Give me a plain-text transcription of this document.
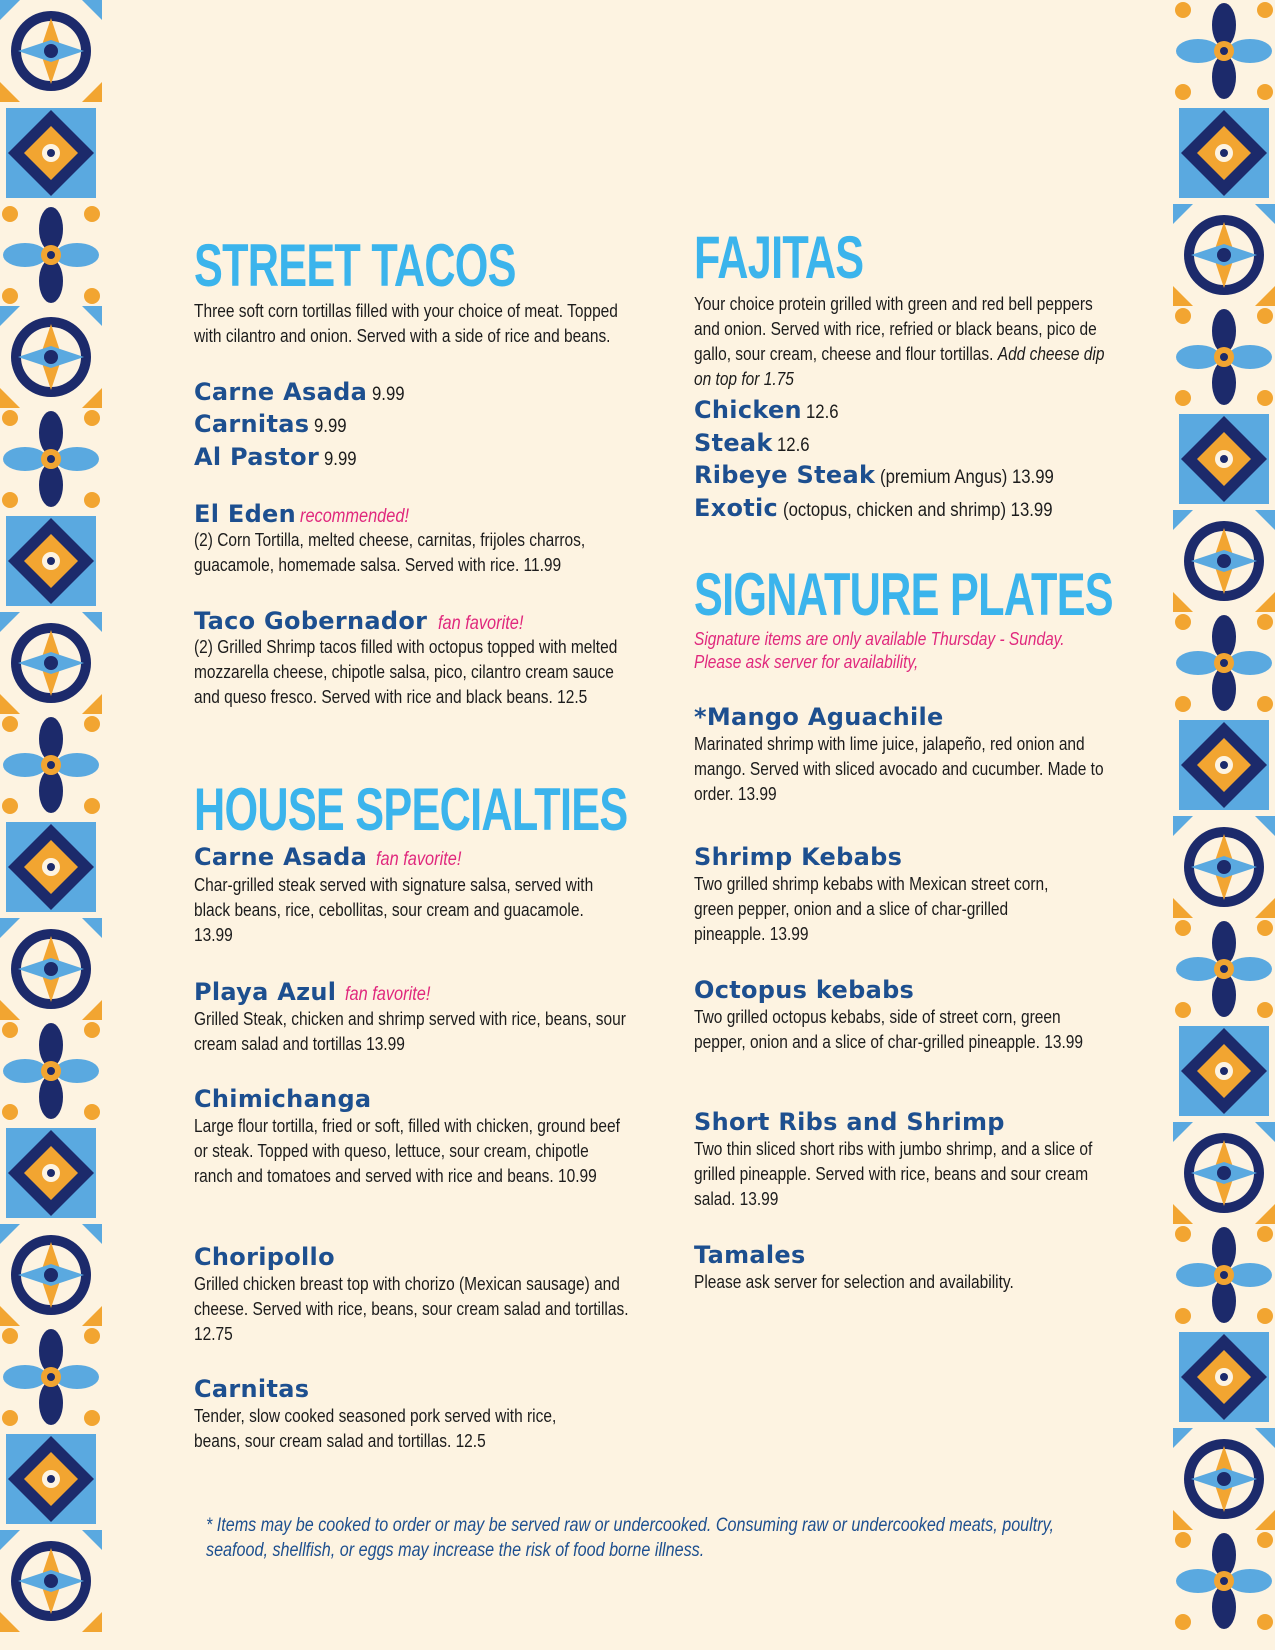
STREET TACOS

Three soft corn tortillas filled with your choice of meat. Topped with cilantro and onion. Served with a side of rice and beans.

Carne Asada 9.99
Carnitas 9.99
Al Pastor 9.99
El Eden recommended!

(2) Corn Tortilla, melted cheese, carnitas, frijoles charros, guacamole, homemade salsa. Served with rice. 11.99

Taco Gobernador fan favorite!

(2) Grilled Shrimp tacos filled with octopus topped with melted mozzarella cheese, chipotle salsa, pico, cilantro cream sauce and queso fresco. Served with rice and black beans. 12.5

HOUSE SPECIALTIES
Carne Asada fan favorite!

Char-grilled steak served with signature salsa, served with black beans, rice, cebollitas, sour cream and guacamole. 13.99

Playa Azul fan favorite!

Grilled Steak, chicken and shrimp served with rice, beans, sour cream salad and tortillas 13.99

Chimichanga

Large flour tortilla, fried or soft, filled with chicken, ground beef or steak. Topped with queso, lettuce, sour cream, chipotle ranch and tomatoes and served with rice and beans. 10.99

Choripollo

Grilled chicken breast top with chorizo (Mexican sausage) and cheese. Served with rice, beans, sour cream salad and tortillas. 12.75

Carnitas

Tender, slow cooked seasoned pork served with rice, beans, sour cream salad and tortillas. 12.5

FAJITAS

Your choice protein grilled with green and red bell peppers and onion. Served with rice, refried or black beans, pico de gallo, sour cream, cheese and flour tortillas. Add cheese dip on top for 1.75

Chicken 12.6
Steak 12.6
Ribeye Steak (premium Angus) 13.99
Exotic (octopus, chicken and shrimp) 13.99
SIGNATURE PLATES

Signature items are only available Thursday - Sunday. Please ask server for availability,

*Mango Aguachile

Marinated shrimp with lime juice, jalapeño, red onion and mango. Served with sliced avocado and cucumber. Made to order. 13.99

Shrimp Kebabs

Two grilled shrimp kebabs with Mexican street corn, green pepper, onion and a slice of char-grilled pineapple. 13.99

Octopus kebabs

Two grilled octopus kebabs, side of street corn, green pepper, onion and a slice of char-grilled pineapple. 13.99

Short Ribs and Shrimp

Two thin sliced short ribs with jumbo shrimp, and a slice of grilled pineapple. Served with rice, beans and sour cream salad. 13.99

Tamales

Please ask server for selection and availability.

* Items may be cooked to order or may be served raw or undercooked. Consuming raw or undercooked meats, poultry, seafood, shellfish, or eggs may increase the risk of food borne illness.
